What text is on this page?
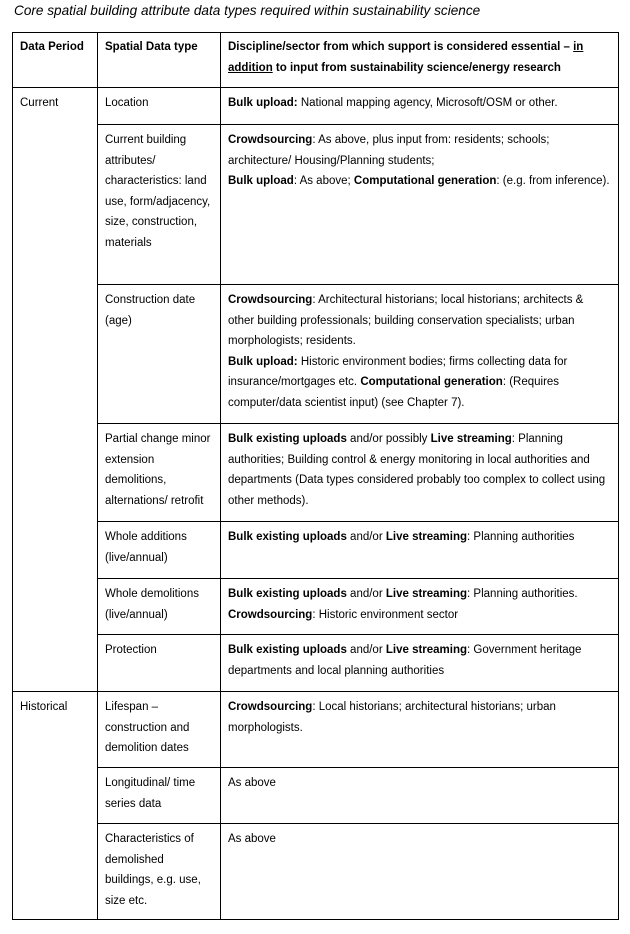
Core spatial building attribute data types required within sustainability science
Data Period	Spatial Data type	Discipline/sector from which support is considered essential – in addition to input from sustainability science/energy research
Current	Location	Bulk upload: National mapping agency, Microsoft/OSM or other.
	Current building attributes/ characteristics: land use, form/adjacency, size, construction, materials	Crowdsourcing: As above, plus input from: residents; schools; architecture/ Housing/Planning students;
Bulk upload: As above; Computational generation: (e.g. from inference).
	Construction date (age)	Crowdsourcing: Architectural historians; local historians; architects & other building professionals; building conservation specialists; urban morphologists; residents.
Bulk upload: Historic environment bodies; firms collecting data for insurance/mortgages etc. Computational generation: (Requires computer/data scientist input) (see Chapter 7).
	Partial change minor extension demolitions, alternations/ retrofit	Bulk existing uploads and/or possibly Live streaming: Planning authorities; Building control & energy monitoring in local authorities and departments (Data types considered probably too complex to collect using other methods).
	Whole additions (live/annual)	Bulk existing uploads and/or Live streaming: Planning authorities
	Whole demolitions (live/annual)	Bulk existing uploads and/or Live streaming: Planning authorities.
Crowdsourcing: Historic environment sector
	Protection	Bulk existing uploads and/or Live streaming: Government heritage departments and local planning authorities
Historical	Lifespan – construction and demolition dates	Crowdsourcing: Local historians; architectural historians; urban morphologists.
	Longitudinal/ time series data	As above
	Characteristics of demolished buildings, e.g. use, size etc.	As above
